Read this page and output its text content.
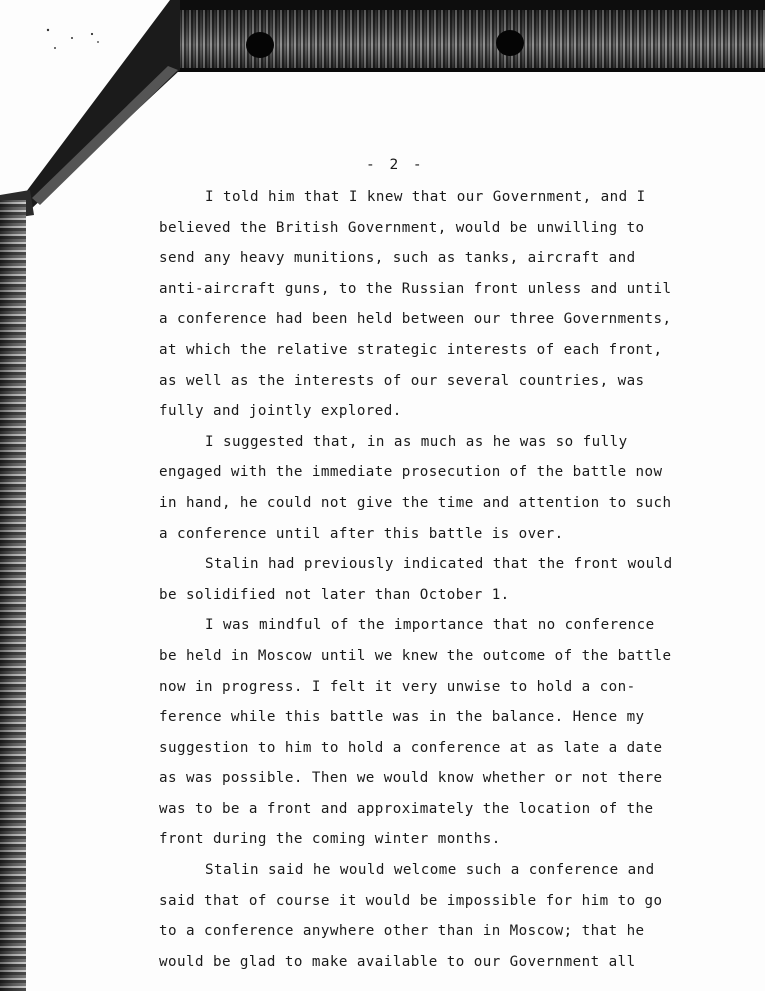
- 2 -
I told him that I knew that our Government, and I
believed the British Government, would be unwilling to
send any heavy munitions, such as tanks, aircraft and
anti-aircraft guns, to the Russian front unless and until
a conference had been held between our three Governments,
at which the relative strategic interests of each front,
as well as the interests of our several countries, was
fully and jointly explored.
I suggested that, in as much as he was so fully
engaged with the immediate prosecution of the battle now
in hand, he could not give the time and attention to such
a conference until after this battle is over.
Stalin had previously indicated that the front would
be solidified not later than October 1.
I was mindful of the importance that no conference
be held in Moscow until we knew the outcome of the battle
now in progress. I felt it very unwise to hold a con-
ference while this battle was in the balance. Hence my
suggestion to him to hold a conference at as late a date
as was possible. Then we would know whether or not there
was to be a front and approximately the location of the
front during the coming winter months.
Stalin said he would welcome such a conference and
said that of course it would be impossible for him to go
to a conference anywhere other than in Moscow; that he
would be glad to make available to our Government all
